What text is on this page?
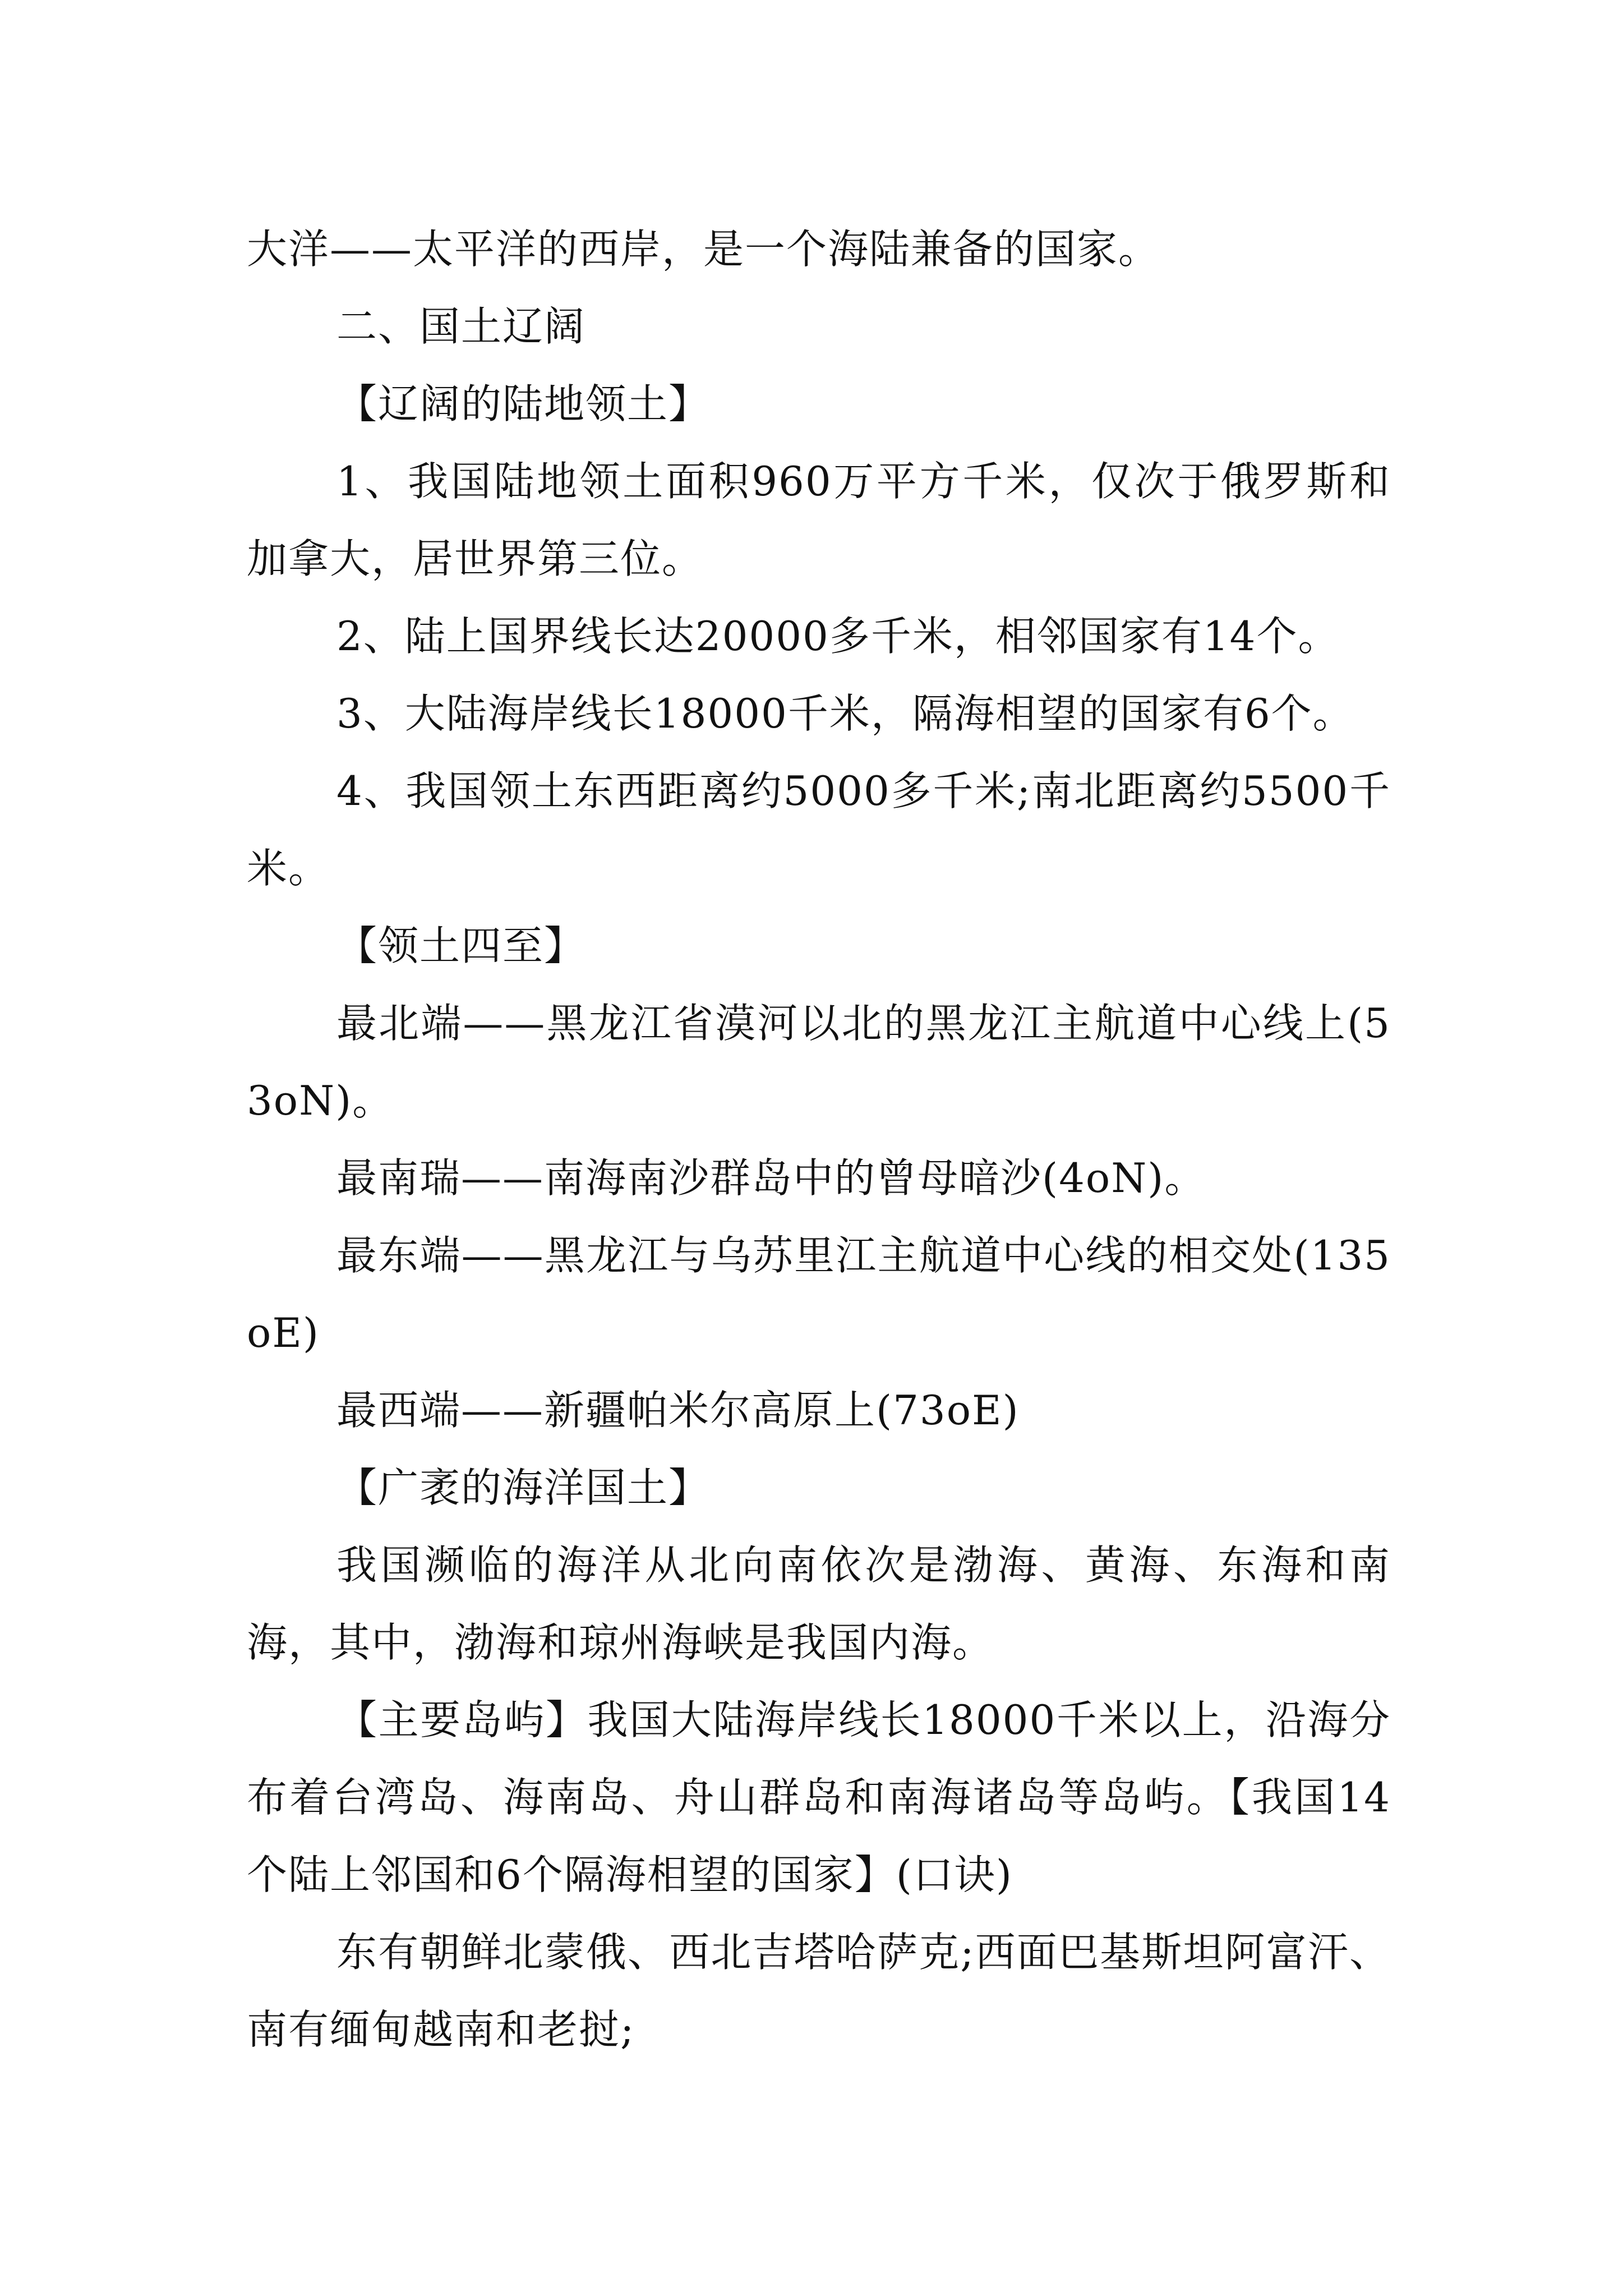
大洋——太平洋的西岸，是一个海陆兼备的国家。

二、国土辽阔

【辽阔的陆地领土】

1、我国陆地领土面积960万平方千米，仅次于俄罗斯和加拿大，居世界第三位。

2、陆上国界线长达20000多千米，相邻国家有14个。

3、大陆海岸线长18000千米，隔海相望的国家有6个。

4、我国领土东西距离约5000多千米;南北距离约5500千米。

【领土四至】

最北端——黑龙江省漠河以北的黑龙江主航道中心线上(53oN)。

最南瑞——南海南沙群岛中的曾母暗沙(4oN)。

最东端——黑龙江与乌苏里江主航道中心线的相交处(135oE)

最西端——新疆帕米尔高原上(73oE)

【广袤的海洋国土】

我国濒临的海洋从北向南依次是渤海、黄海、东海和南海，其中，渤海和琼州海峡是我国内海。

【主要岛屿】我国大陆海岸线长18000千米以上，沿海分布着台湾岛、海南岛、舟山群岛和南海诸岛等岛屿。【我国14个陆上邻国和6个隔海相望的国家】(口诀)

东有朝鲜北蒙俄、西北吉塔哈萨克;西面巴基斯坦阿富汗、南有缅甸越南和老挝;
